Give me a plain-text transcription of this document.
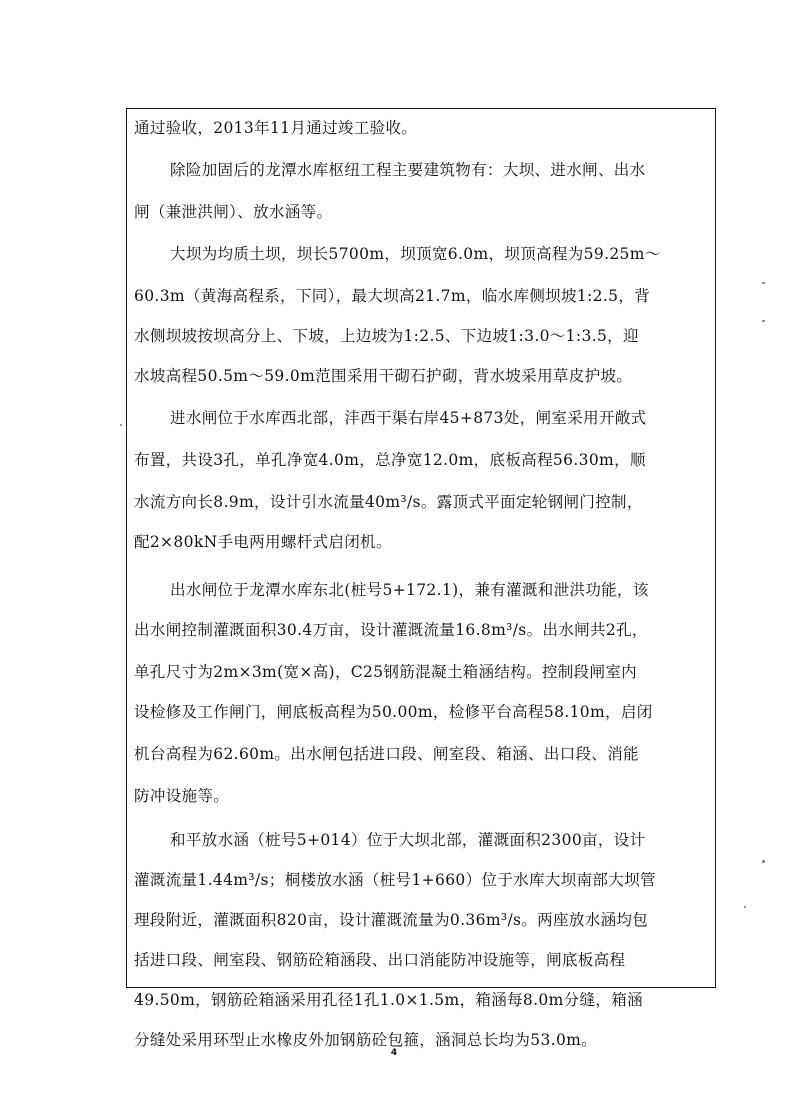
通过验收，2013年11月通过竣工验收。
除险加固后的龙潭水库枢纽工程主要建筑物有：大坝、进水闸、出水
闸（兼泄洪闸）、放水涵等。
大坝为均质土坝，坝长5700m，坝顶宽6.0m，坝顶高程为59.25m～
60.3m（黄海高程系，下同），最大坝高21.7m，临水库侧坝坡1:2.5，背
水侧坝坡按坝高分上、下坡，上边坡为1:2.5、下边坡1:3.0～1:3.5，迎
水坡高程50.5m～59.0m范围采用干砌石护砌，背水坡采用草皮护坡。
进水闸位于水库西北部，沣西干渠右岸45+873处，闸室采用开敞式
布置，共设3孔，单孔净宽4.0m，总净宽12.0m，底板高程56.30m，顺
水流方向长8.9m，设计引水流量40m³/s。露顶式平面定轮钢闸门控制，
配2×80kN手电两用螺杆式启闭机。
出水闸位于龙潭水库东北(桩号5+172.1)，兼有灌溉和泄洪功能，该
出水闸控制灌溉面积30.4万亩，设计灌溉流量16.8m³/s。出水闸共2孔，
单孔尺寸为2m×3m(宽×高)，C25钢筋混凝土箱涵结构。控制段闸室内
设检修及工作闸门，闸底板高程为50.00m，检修平台高程58.10m，启闭
机台高程为62.60m。出水闸包括进口段、闸室段、箱涵、出口段、消能
防冲设施等。
和平放水涵（桩号5+014）位于大坝北部，灌溉面积2300亩，设计
灌溉流量1.44m³/s；桐楼放水涵（桩号1+660）位于水库大坝南部大坝管
理段附近，灌溉面积820亩，设计灌溉流量为0.36m³/s。两座放水涵均包
括进口段、闸室段、钢筋砼箱涵段、出口消能防冲设施等，闸底板高程
49.50m，钢筋砼箱涵采用孔径1孔1.0×1.5m，箱涵每8.0m分缝，箱涵
分缝处采用环型止水橡皮外加钢筋砼包箍，涵洞总长均为53.0m。
4
